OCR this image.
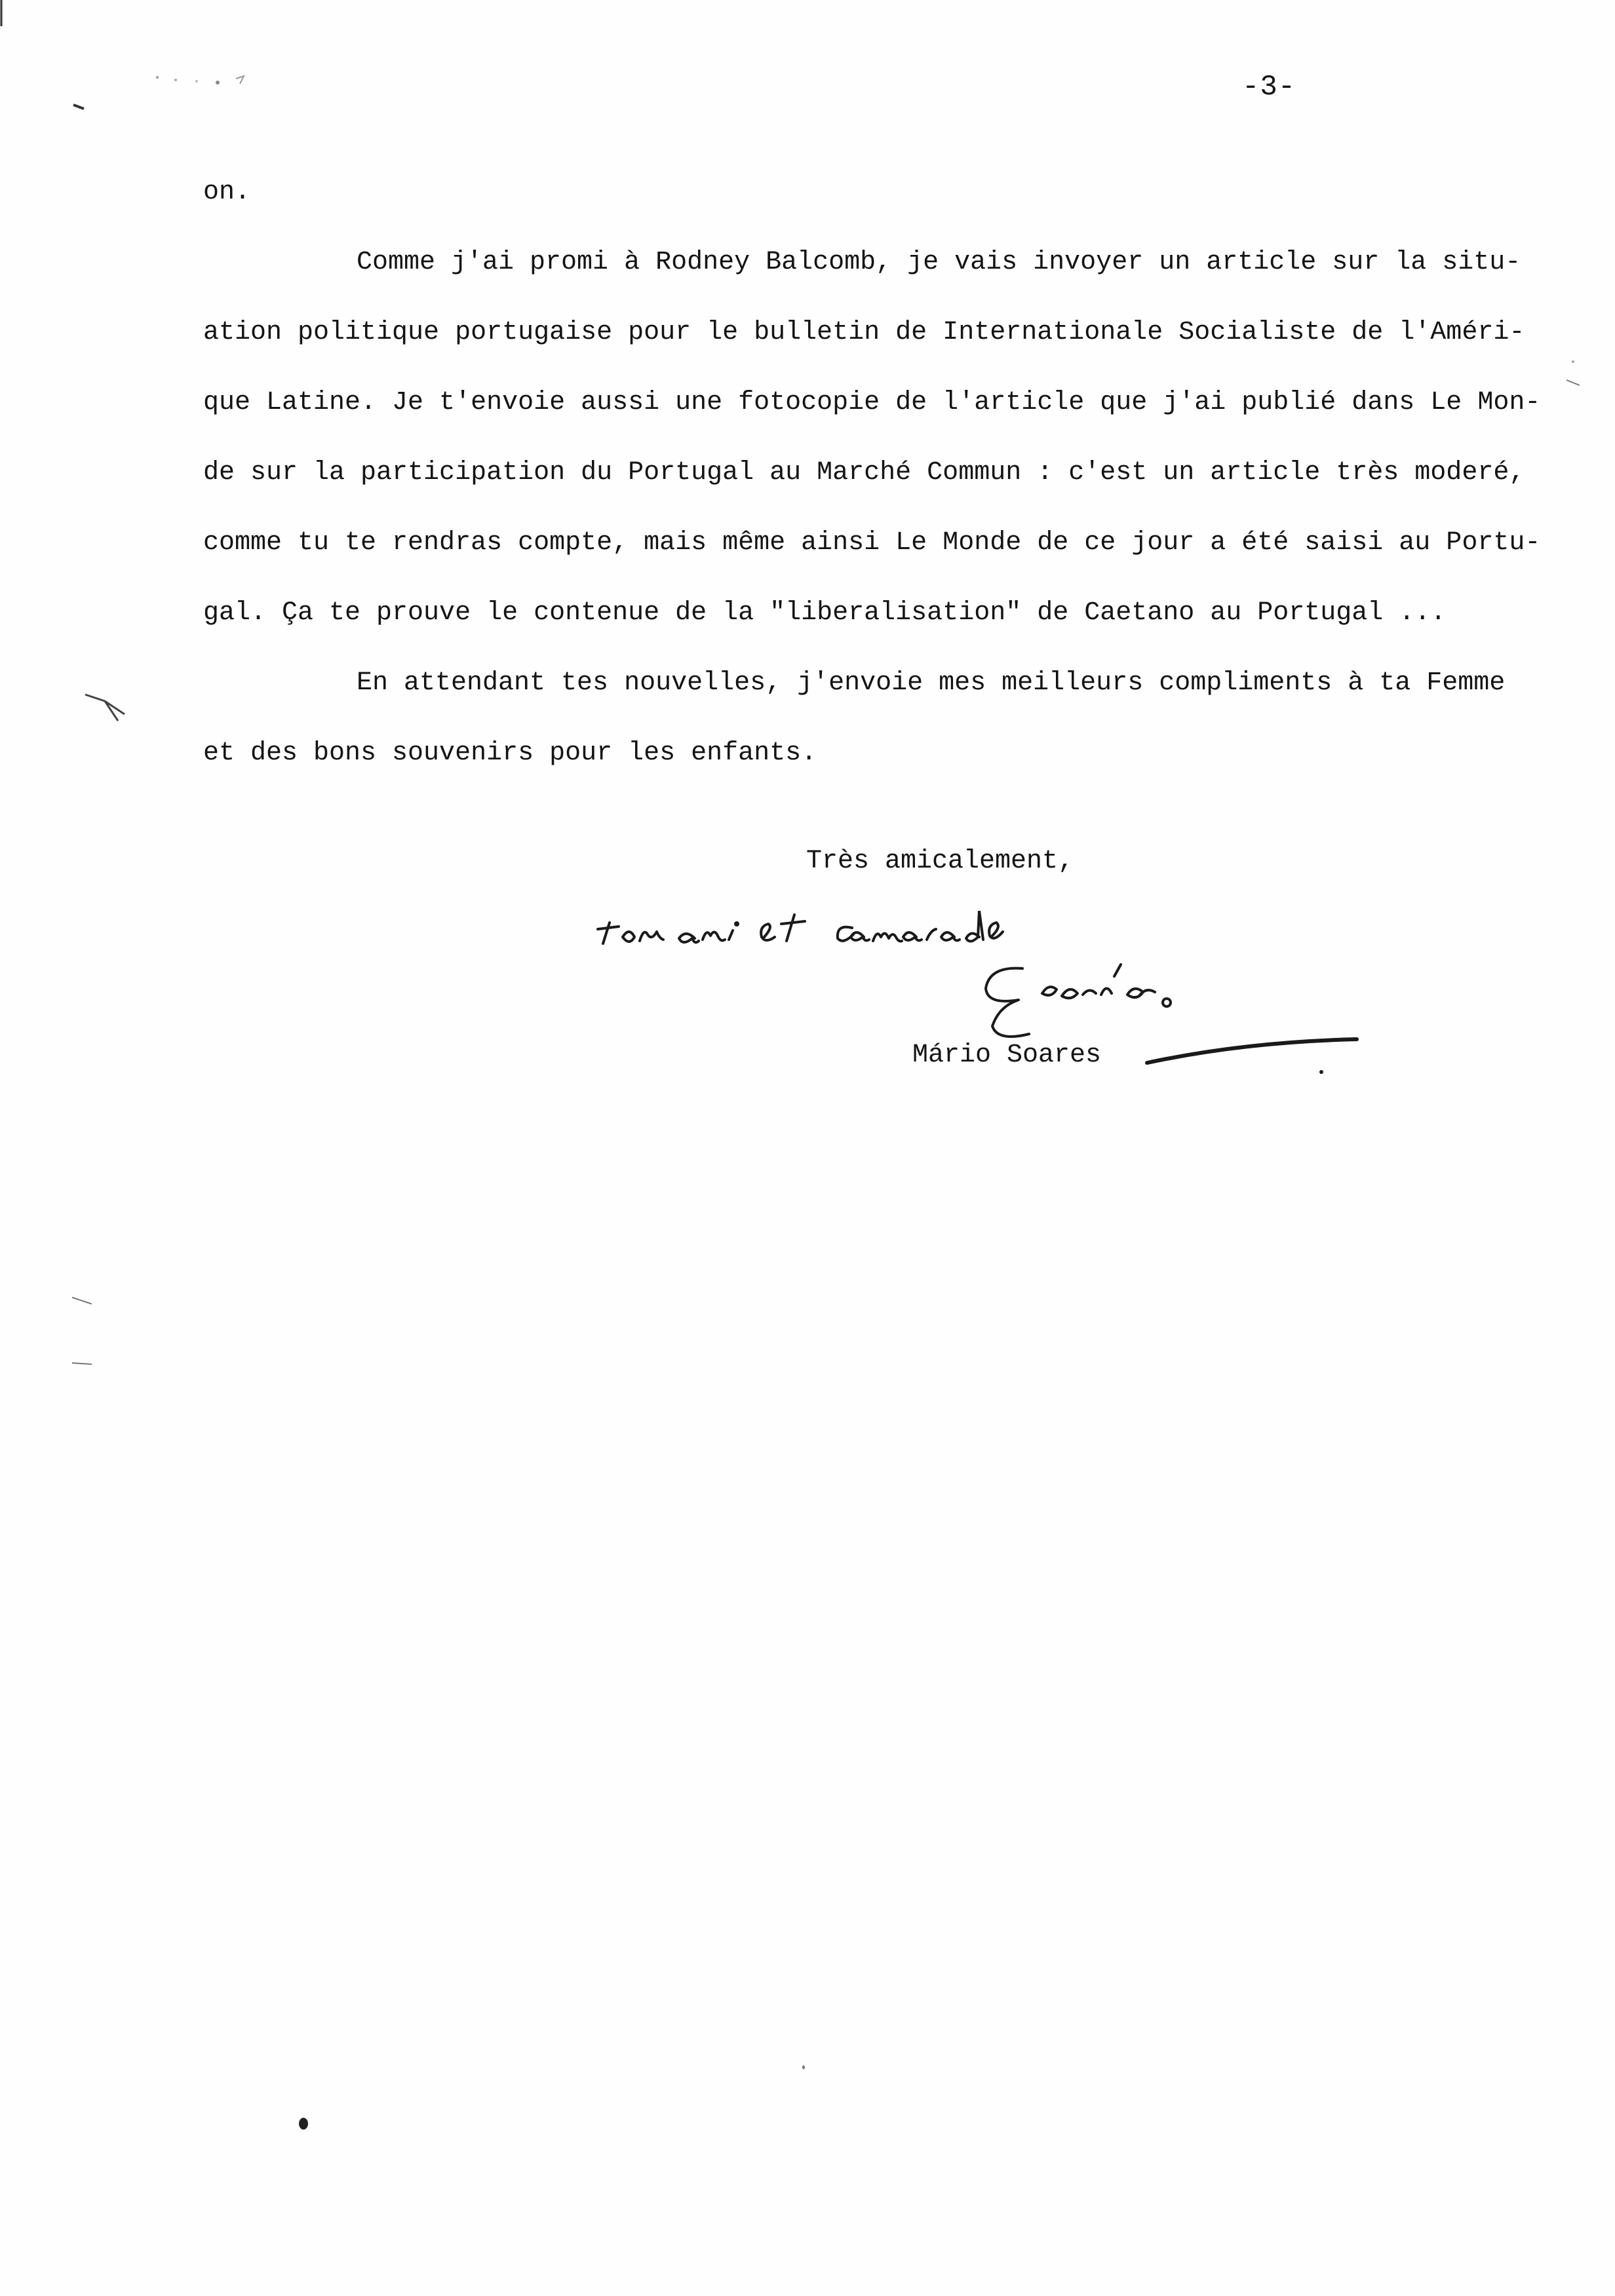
-3-
on.
Comme j'ai promi à Rodney Balcomb, je vais invoyer un article sur la situ-
ation politique portugaise pour le bulletin de Internationale Socialiste de l'Améri-
que Latine. Je t'envoie aussi une fotocopie de l'article que j'ai publié dans Le Mon-
de sur la participation du Portugal au Marché Commun : c'est un article très moderé,
comme tu te rendras compte, mais même ainsi Le Monde de ce jour a été saisi au Portu-
gal. Ça te prouve le contenue de la "liberalisation" de Caetano au Portugal ...
En attendant tes nouvelles, j'envoie mes meilleurs compliments à ta Femme
et des bons souvenirs pour les enfants.
Très amicalement,
Mário Soares
